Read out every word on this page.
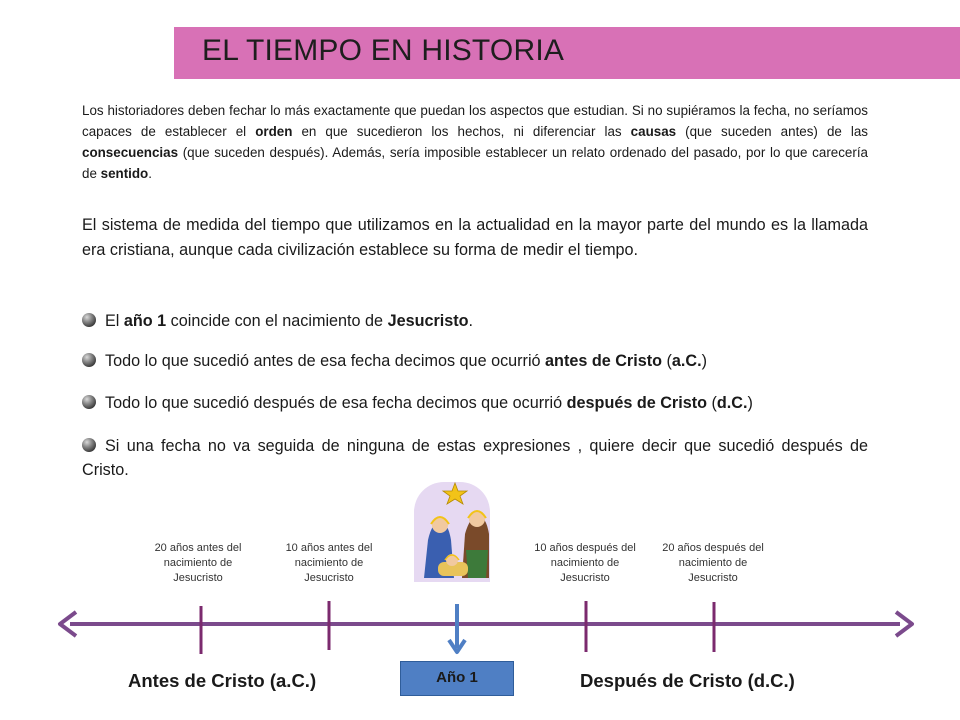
EL TIEMPO EN HISTORIA
Los historiadores deben fechar lo más exactamente que puedan los aspectos que estudian. Si no supiéramos la fecha, no seríamos capaces de establecer el orden en que sucedieron los hechos, ni diferenciar las causas (que suceden antes) de las consecuencias (que suceden después). Además, sería imposible establecer un relato ordenado del pasado, por lo que carecería de sentido.
El sistema de medida del tiempo que utilizamos en la actualidad en la mayor parte del mundo es la llamada era cristiana, aunque cada civilización establece su forma de medir el tiempo.
El año 1 coincide con el nacimiento de Jesucristo.
Todo lo que sucedió antes de esa fecha decimos que ocurrió antes de Cristo (a.C.)
Todo lo que sucedió después de esa fecha decimos que ocurrió después de Cristo (d.C.)
Si una fecha no va seguida de ninguna de estas expresiones , quiere decir que sucedió después de Cristo.
20 años antes del nacimiento de Jesucristo
10 años antes del nacimiento de Jesucristo
10 años después del nacimiento de Jesucristo
20 años después del nacimiento de Jesucristo
Antes de Cristo (a.C.)	Después de Cristo (d.C.)
Año 1
